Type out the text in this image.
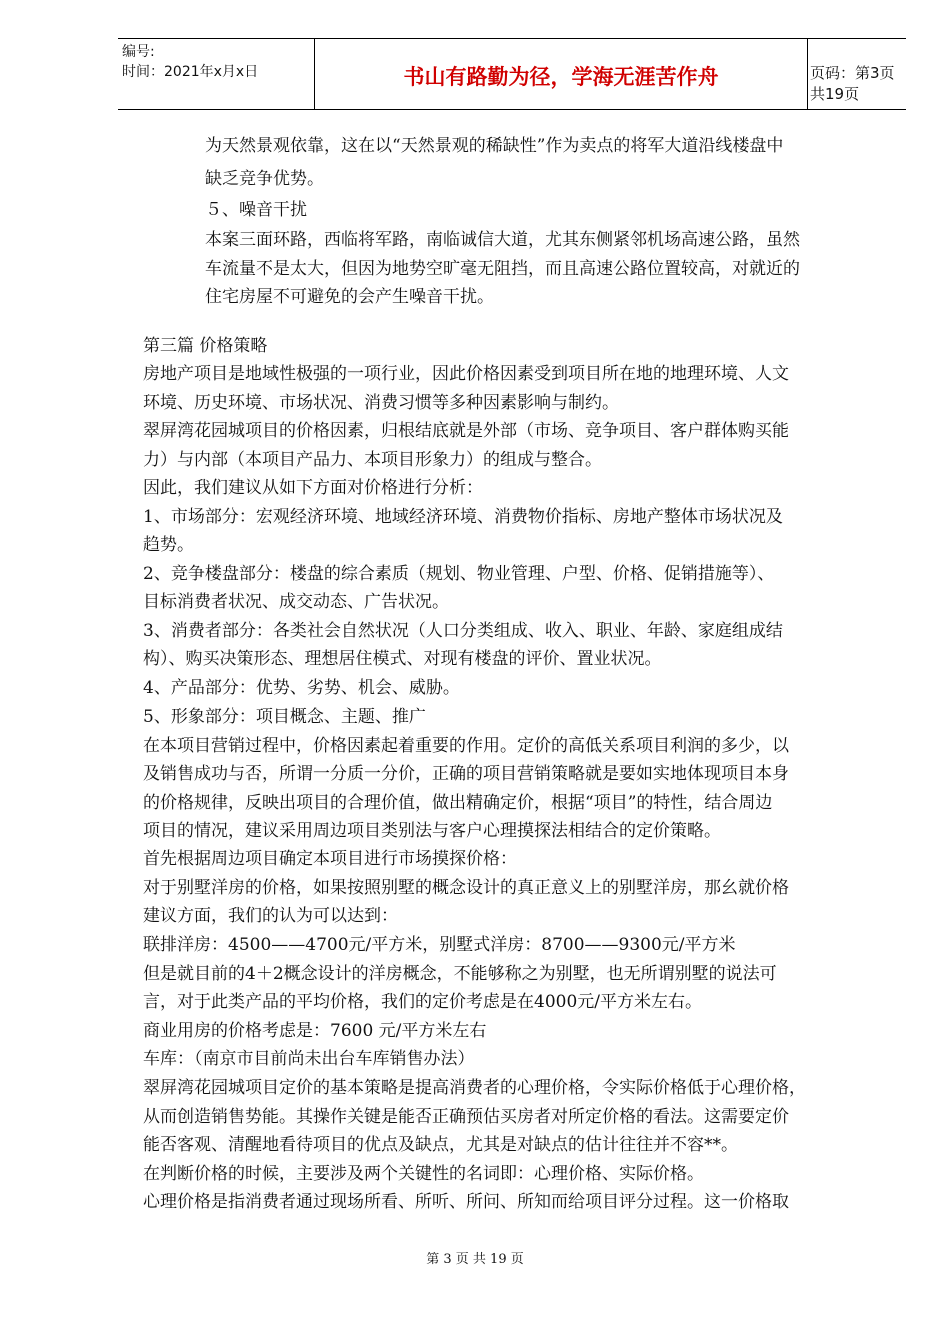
编号:
时间：2021年x月x日	书山有路勤为径，学海无涯苦作舟	页码：第3页 共19页
为天然景观依靠，这在以“天然景观的稀缺性”作为卖点的将军大道沿线楼盘中
缺乏竞争优势。
５、噪音干扰
本案三面环路，西临将军路，南临诚信大道，尤其东侧紧邻机场高速公路，虽然
车流量不是太大，但因为地势空旷毫无阻挡，而且高速公路位置较高，对就近的
住宅房屋不可避免的会产生噪音干扰。
第三篇 价格策略
房地产项目是地域性极强的一项行业，因此价格因素受到项目所在地的地理环境、人文
环境、历史环境、市场状况、消费习惯等多种因素影响与制约。
翠屏湾花园城项目的价格因素，归根结底就是外部（市场、竞争项目、客户群体购买能
力）与内部（本项目产品力、本项目形象力）的组成与整合。
因此，我们建议从如下方面对价格进行分析：
1、市场部分：宏观经济环境、地域经济环境、消费物价指标、房地产整体市场状况及
趋势。
2、竞争楼盘部分：楼盘的综合素质（规划、物业管理、户型、价格、促销措施等）、
目标消费者状况、成交动态、广告状况。
3、消费者部分：各类社会自然状况（人口分类组成、收入、职业、年龄、家庭组成结
构）、购买决策形态、理想居住模式、对现有楼盘的评价、置业状况。
4、产品部分：优势、劣势、机会、威胁。
5、形象部分：项目概念、主题、推广
在本项目营销过程中，价格因素起着重要的作用。定价的高低关系项目利润的多少，以
及销售成功与否，所谓一分质一分价，正确的项目营销策略就是要如实地体现项目本身
的价格规律，反映出项目的合理价值，做出精确定价，根据“项目”的特性，结合周边
项目的情况，建议采用周边项目类别法与客户心理摸探法相结合的定价策略。
首先根据周边项目确定本项目进行市场摸探价格：
对于别墅洋房的价格，如果按照别墅的概念设计的真正意义上的别墅洋房，那幺就价格
建议方面，我们的认为可以达到：
联排洋房：4500——4700元/平方米，别墅式洋房：8700——9300元/平方米
但是就目前的4＋2概念设计的洋房概念，不能够称之为别墅，也无所谓别墅的说法可
言，对于此类产品的平均价格，我们的定价考虑是在4000元/平方米左右。
商业用房的价格考虑是：7600 元/平方米左右
车库：（南京市目前尚未出台车库销售办法）
翠屏湾花园城项目定价的基本策略是提高消费者的心理价格，令实际价格低于心理价格，
从而创造销售势能。其操作关键是能否正确预估买房者对所定价格的看法。这需要定价
能否客观、清醒地看待项目的优点及缺点，尤其是对缺点的估计往往并不容**。
在判断价格的时候，主要涉及两个关键性的名词即：心理价格、实际价格。
心理价格是指消费者通过现场所看、所听、所问、所知而给项目评分过程。这一价格取
第 3 页 共 19 页
